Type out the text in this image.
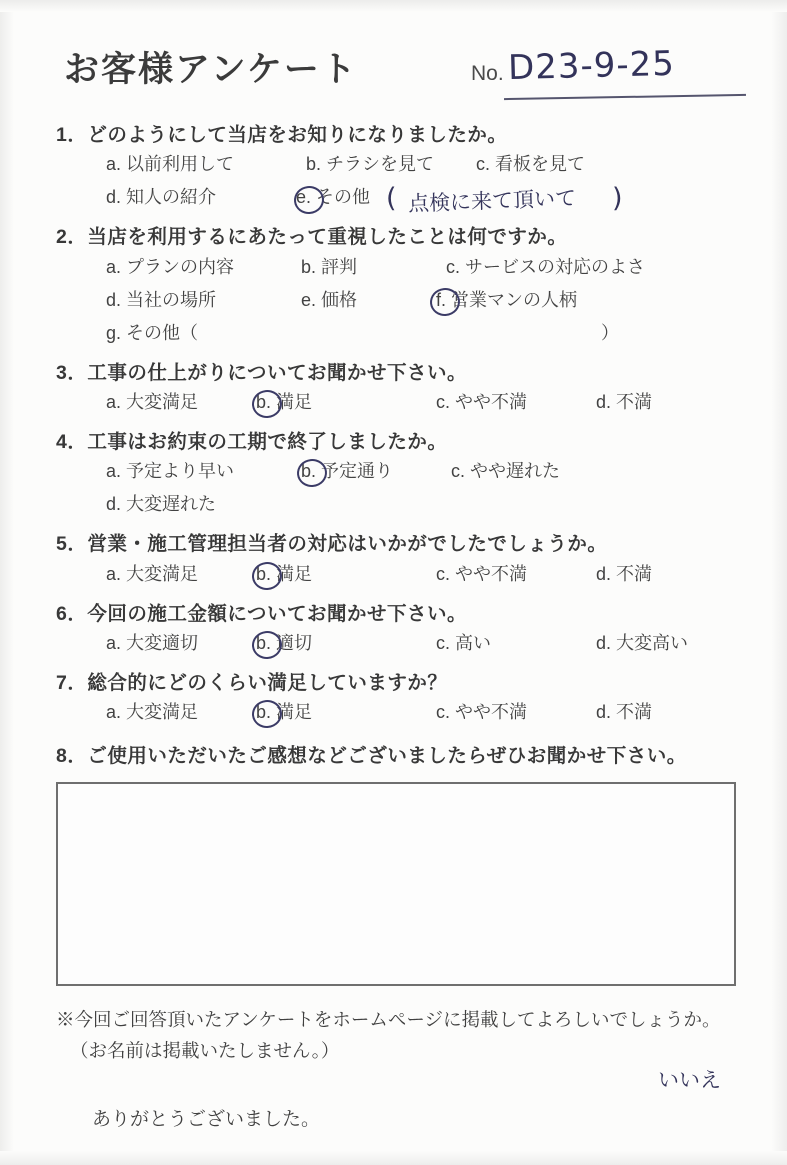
お客様アンケート	No. D23-9-25
1．どのようにして当店をお知りになりましたか。
a. 以前利用して	b. チラシを見て c. 看板を見て
d. 知人の紹介	e. その他 ( 点検に来て頂いて )
2．当店を利用するにあたって重視したことは何ですか。
a. プランの内容	b. 評判	c. サービスの対応のよさ
d. 当社の場所	e. 価格	f. 営業マンの人柄
g. その他（	）
3．工事の仕上がりについてお聞かせ下さい。
a. 大変満足	b. 満足	c. やや不満	d. 不満
4．工事はお約束の工期で終了しましたか。
a. 予定より早い	b. 予定通り	c. やや遅れた
d. 大変遅れた
5．営業・施工管理担当者の対応はいかがでしたでしょうか。
a. 大変満足	b. 満足	c. やや不満	d. 不満
6．今回の施工金額についてお聞かせ下さい。
a. 大変適切	b. 適切	c. 高い	d. 大変高い
7．総合的にどのくらい満足していますか？
a. 大変満足	b. 満足	c. やや不満	d. 不満
8．ご使用いただいたご感想などございましたらぜひお聞かせ下さい。
※今回ご回答頂いたアンケートをホームページに掲載してよろしいでしょうか。
（お名前は掲載いたしません。）
いいえ
ありがとうございました。
